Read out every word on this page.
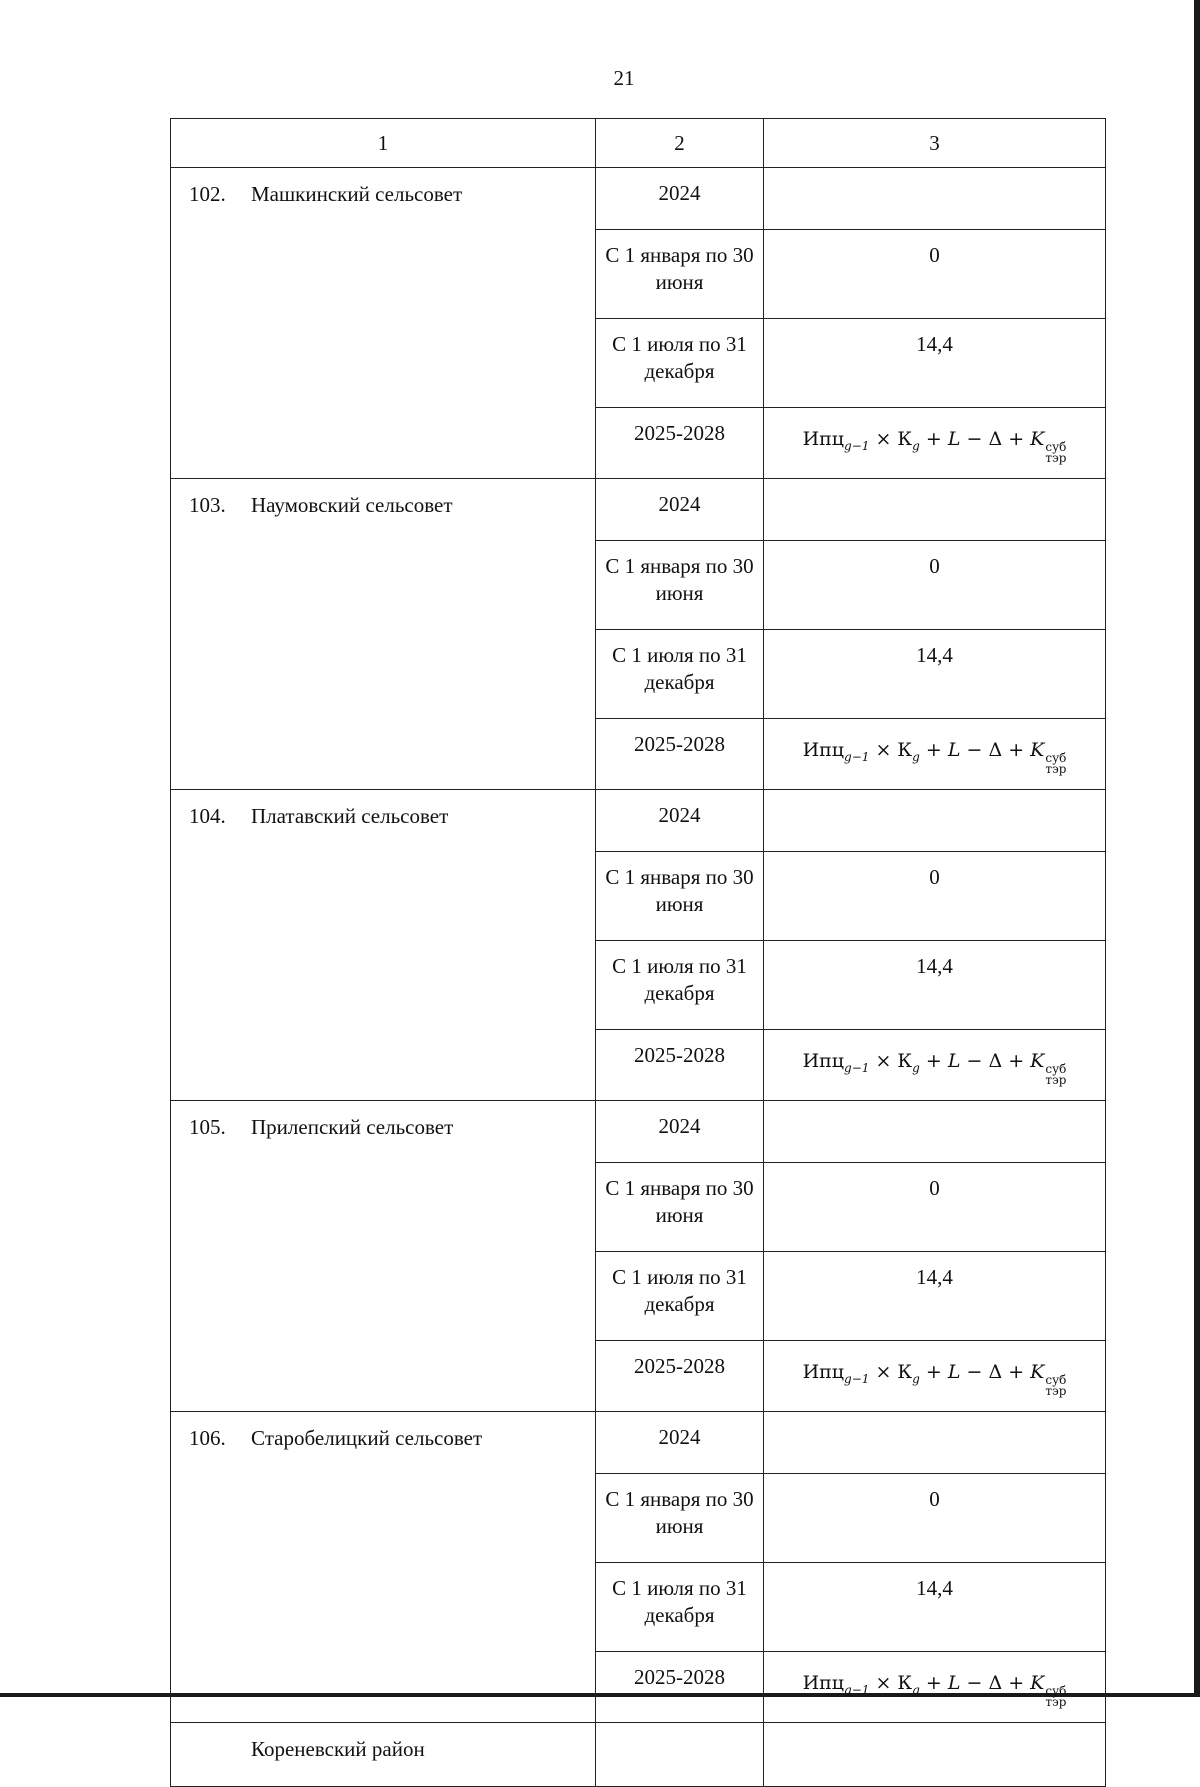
21
1	2	3
102. Машкинский сельсовет	2024	
	С 1 января по 30 июня	0
	С 1 июля по 31 декабря	14,4
	2025-2028	$Ипц_{g-1} \times К_g + L - \Delta + K$ суб
тэр

103. Наумовский сельсовет	2024	
	С 1 января по 30 июня	0
	С 1 июля по 31 декабря	14,4
	2025-2028	$Ипц_{g-1} \times К_g + L - \Delta + K$ суб
тэр

104. Платавский сельсовет	2024	
	С 1 января по 30 июня	0
	С 1 июля по 31 декабря	14,4
	2025-2028	$Ипц_{g-1} \times К_g + L - \Delta + K$ суб
тэр

105. Прилепский сельсовет	2024	
	С 1 января по 30 июня	0
	С 1 июля по 31 декабря	14,4
	2025-2028	$Ипц_{g-1} \times К_g + L - \Delta + K$ суб
тэр

106. Старобелицкий сельсовет	2024	
	С 1 января по 30 июня	0
	С 1 июля по 31 декабря	14,4
	2025-2028	$Ипц_{g-1} \times К_g + L - \Delta + K$ суб
тэр

Кореневский район		
